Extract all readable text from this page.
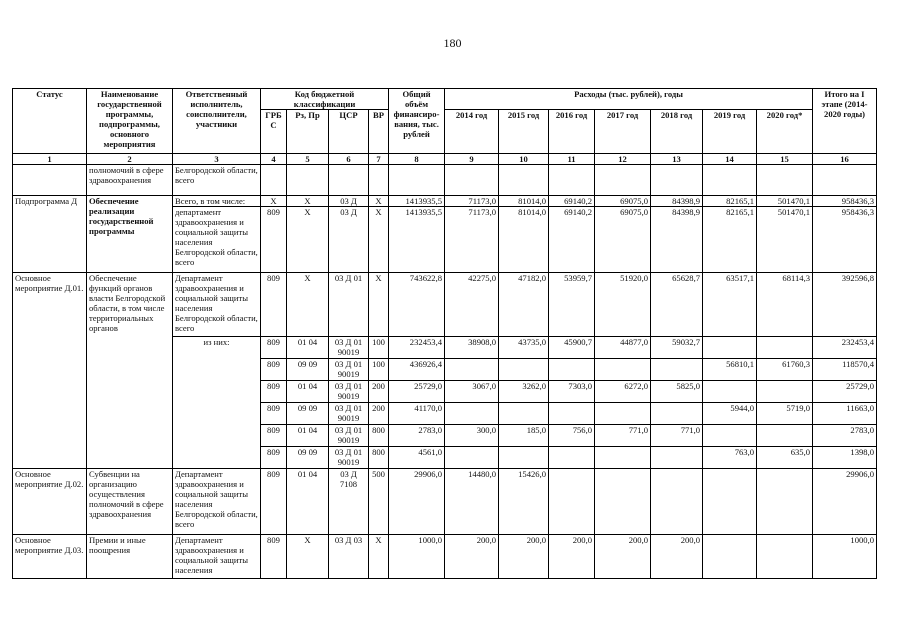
180
Статус	Наименование государственной программы, подпрограммы, основного мероприятия	Ответственный исполнитель, соисполнители, участники	Код бюджетной классификации				Общий объём финансиро-вания, тыс. рублей	Расходы (тыс. рублей), годы							Итого на I этапе (2014-2020 годы)
			ГРБС	Рз, Пр	ЦСР	ВР		2014 год	2015 год	2016 год	2017 год	2018 год	2019 год	2020 год*	
1	2	3	4	5	6	7	8	9	10	11	12	13	14	15	16
	полномочий в сфере здравоохранения	Белгородской области, всего													
Подпрограмма Д	Обеспечение реализации государственной программы	Всего, в том числе:	Х	Х	03 Д	Х	1413935,5	71173,0	81014,0	69140,2	69075,0	84398,9	82165,1	501470,1	958436,3
		департамент здравоохранения и социальной защиты населения Белгородской области, всего	809	Х	03 Д	Х	1413935,5	71173,0	81014,0	69140,2	69075,0	84398,9	82165,1	501470,1	958436,3
Основное мероприятие Д.01.	Обеспечение функций органов власти Белгородской области, в том числе территориальных органов	Департамент здравоохранения и социальной защиты населения Белгородской области, всего	809	Х	03 Д 01	Х	743622,8	42275,0	47182,0	53959,7	51920,0	65628,7	63517,1	68114,3	392596,8
		из них:	809	01 04	03 Д 01 90019	100	232453,4	38908,0	43735,0	45900,7	44877,0	59032,7			232453,4
			809	09 09	03 Д 01 90019	100	436926,4						56810,1	61760,3	118570,4
			809	01 04	03 Д 01 90019	200	25729,0	3067,0	3262,0	7303,0	6272,0	5825,0			25729,0
			809	09 09	03 Д 01 90019	200	41170,0						5944,0	5719,0	11663,0
			809	01 04	03 Д 01 90019	800	2783,0	300,0	185,0	756,0	771,0	771,0			2783,0
			809	09 09	03 Д 01 90019	800	4561,0						763,0	635,0	1398,0
Основное мероприятие Д.02.	Субвенции на организацию осуществления полномочий в сфере здравоохранения	Департамент здравоохранения и социальной защиты населения Белгородской области, всего	809	01 04	03 Д 7108	500	29906,0	14480,0	15426,0						29906,0
Основное мероприятие Д.03.	Премии и иные поощрения	Департамент здравоохранения и социальной защиты населения	809	Х	03 Д 03	Х	1000,0	200,0	200,0	200,0	200,0	200,0			1000,0
